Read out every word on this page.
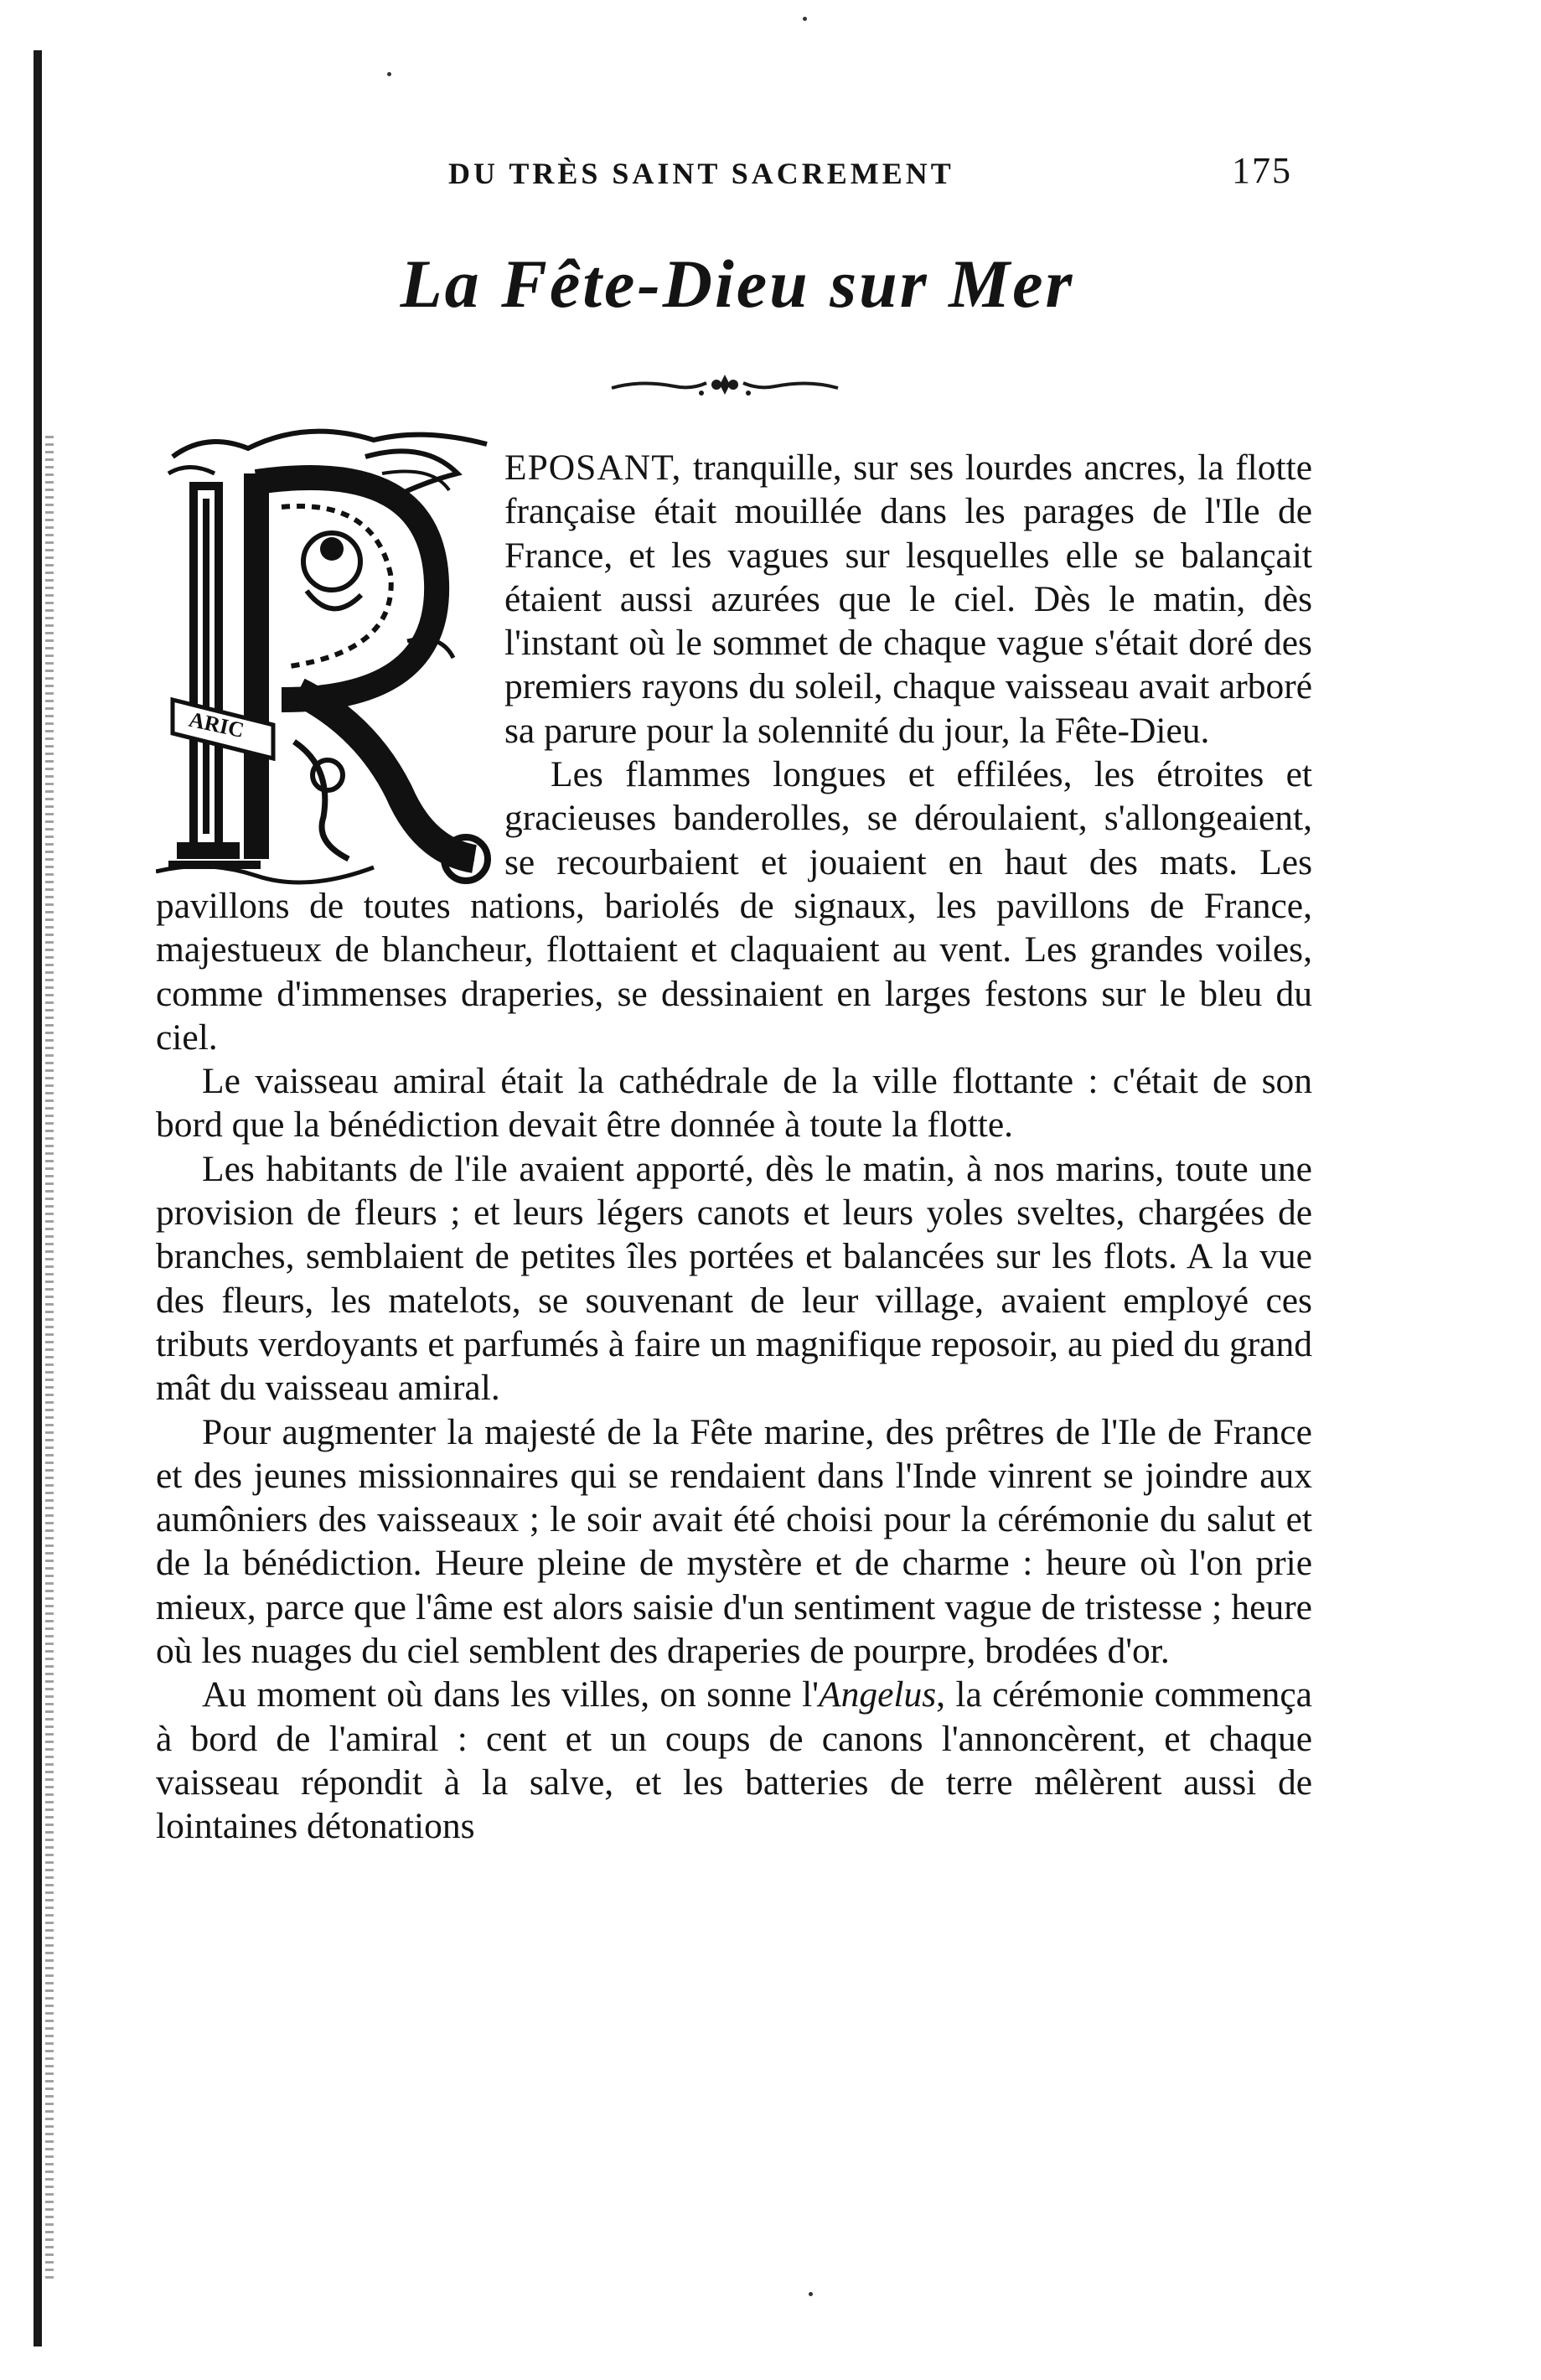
DU TRÈS SAINT SACREMENT	175
La Fête-Dieu sur Mer
ARIC

EPOSANT, tranquille, sur ses lourdes ancres, la flotte française était mouillée dans les parages de l'Ile de France, et les vagues sur lesquelles elle se balançait étaient aussi azurées que le ciel. Dès le matin, dès l'instant où le sommet de chaque vague s'était doré des premiers rayons du soleil, chaque vaisseau avait arboré sa parure pour la solennité du jour, la Fête-Dieu.

Les flammes longues et effilées, les étroites et gracieuses banderolles, se déroulaient, s'allongeaient, se recourbaient et jouaient en haut des mats. Les pavillons de toutes nations, bariolés de signaux, les pavillons de France, majestueux de blancheur, flottaient et claquaient au vent. Les grandes voiles, comme d'immenses draperies, se dessinaient en larges festons sur le bleu du ciel.

Le vaisseau amiral était la cathédrale de la ville flottante : c'était de son bord que la bénédiction devait être donnée à toute la flotte.

Les habitants de l'ile avaient apporté, dès le matin, à nos marins, toute une provision de fleurs ; et leurs légers canots et leurs yoles sveltes, chargées de branches, semblaient de petites îles portées et balancées sur les flots. A la vue des fleurs, les matelots, se souvenant de leur village, avaient employé ces tributs verdoyants et parfumés à faire un magnifique reposoir, au pied du grand mât du vaisseau amiral.

Pour augmenter la majesté de la Fête marine, des prêtres de l'Ile de France et des jeunes missionnaires qui se rendaient dans l'Inde vinrent se joindre aux aumôniers des vaisseaux ; le soir avait été choisi pour la cérémonie du salut et de la bénédiction. Heure pleine de mystère et de charme : heure où l'on prie mieux, parce que l'âme est alors saisie d'un sentiment vague de tristesse ; heure où les nuages du ciel semblent des draperies de pourpre, brodées d'or.

Au moment où dans les villes, on sonne l'Angelus, la cérémonie commença à bord de l'amiral : cent et un coups de canons l'annoncèrent, et chaque vaisseau répondit à la salve, et les batteries de terre mêlèrent aussi de lointaines détonations
